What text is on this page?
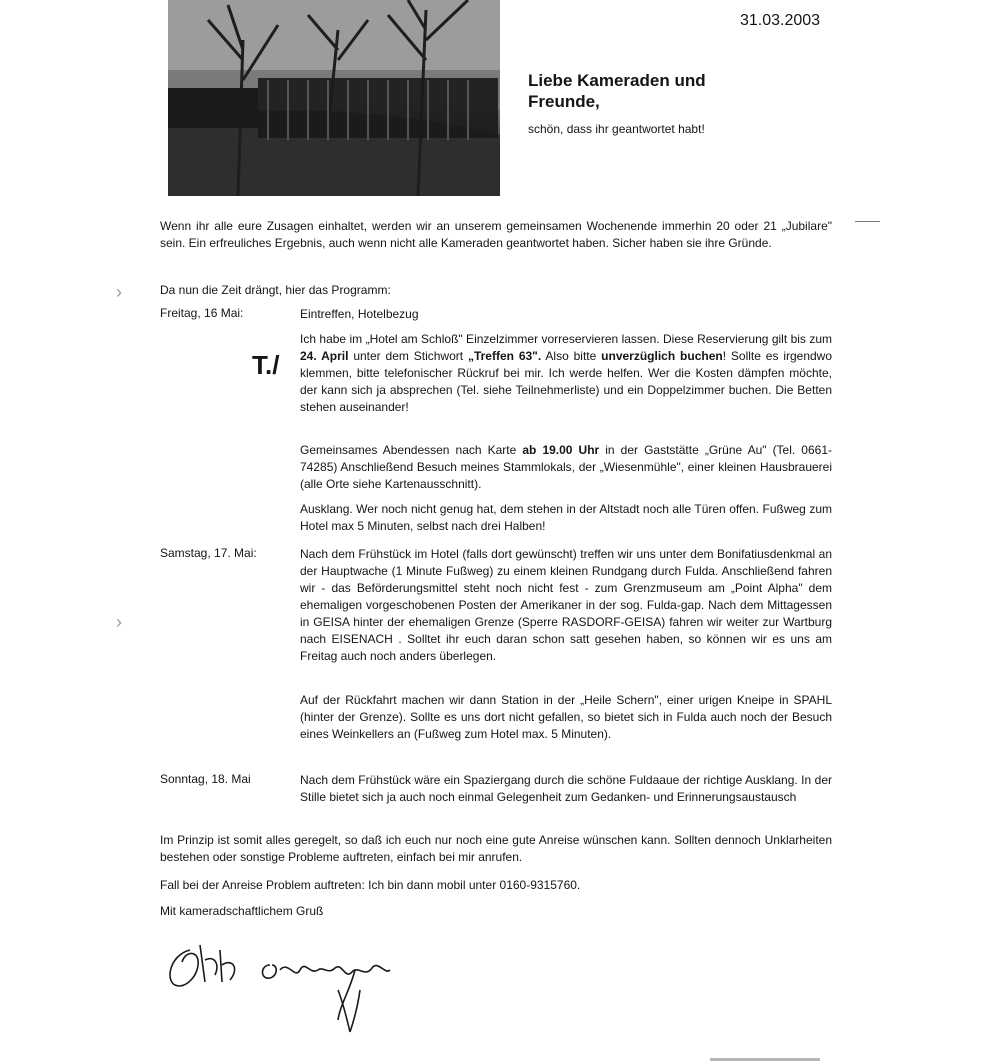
31.03.2003
Liebe Kameraden und Freunde,
schön, dass ihr geantwortet habt!
›
›

Wenn ihr alle eure Zusagen einhaltet, werden wir an unserem gemeinsamen Wochenende immerhin 20 oder 21 „Jubilare" sein. Ein erfreuliches Ergebnis, auch wenn nicht alle Kameraden geantwortet haben. Sicher haben sie ihre Gründe.

Da nun die Zeit drängt, hier das Programm:

Freitag, 16 Mai:	Eintreffen, Hotelbezug

T./

Ich habe im „Hotel am Schloß" Einzelzimmer vorreservieren lassen. Diese Reservierung gilt bis zum 24. April unter dem Stichwort „Treffen 63". Also bitte unverzüglich buchen! Sollte es irgendwo klemmen, bitte telefonischer Rückruf bei mir. Ich werde helfen. Wer die Kosten dämpfen möchte, der kann sich ja absprechen (Tel. siehe Teilnehmerliste) und ein Doppelzimmer buchen. Die Betten stehen auseinander!

Gemeinsames Abendessen nach Karte ab 19.00 Uhr in der Gaststätte „Grüne Au" (Tel. 0661-74285) Anschließend Besuch meines Stammlokals, der „Wiesenmühle", einer kleinen Hausbrauerei (alle Orte siehe Kartenausschnitt).

Ausklang. Wer noch nicht genug hat, dem stehen in der Altstadt noch alle Türen offen. Fußweg zum Hotel max 5 Minuten, selbst nach drei Halben!

Samstag, 17. Mai:	Nach dem Frühstück im Hotel (falls dort gewünscht) treffen wir uns unter dem Bonifatiusdenkmal an der Hauptwache (1 Minute Fußweg) zu einem kleinen Rundgang durch Fulda. Anschließend fahren wir - das Beförderungsmittel steht noch nicht fest - zum Grenzmuseum am „Point Alpha" dem ehemaligen vorgeschobenen Posten der Amerikaner in der sog. Fulda-gap. Nach dem Mittagessen in GEISA hinter der ehemaligen Grenze (Sperre RASDORF-GEISA) fahren wir weiter zur Wartburg nach EISENACH . Solltet ihr euch daran schon satt gesehen haben, so können wir es uns am Freitag auch noch anders überlegen.

Auf der Rückfahrt machen wir dann Station in der „Heile Schern", einer urigen Kneipe in SPAHL (hinter der Grenze). Sollte es uns dort nicht gefallen, so bietet sich in Fulda auch noch der Besuch eines Weinkellers an (Fußweg zum Hotel max. 5 Minuten).

Sonntag, 18. Mai	Nach dem Frühstück wäre ein Spaziergang durch die schöne Fuldaaue der richtige Ausklang. In der Stille bietet sich ja auch noch einmal Gelegenheit zum Gedanken- und Erinnerungsaustausch

Im Prinzip ist somit alles geregelt, so daß ich euch nur noch eine gute Anreise wünschen kann. Sollten dennoch Unklarheiten bestehen oder sonstige Probleme auftreten, einfach bei mir anrufen.

Fall bei der Anreise Problem auftreten: Ich bin dann mobil unter 0160-9315760.

Mit kameradschaftlichem Gruß
